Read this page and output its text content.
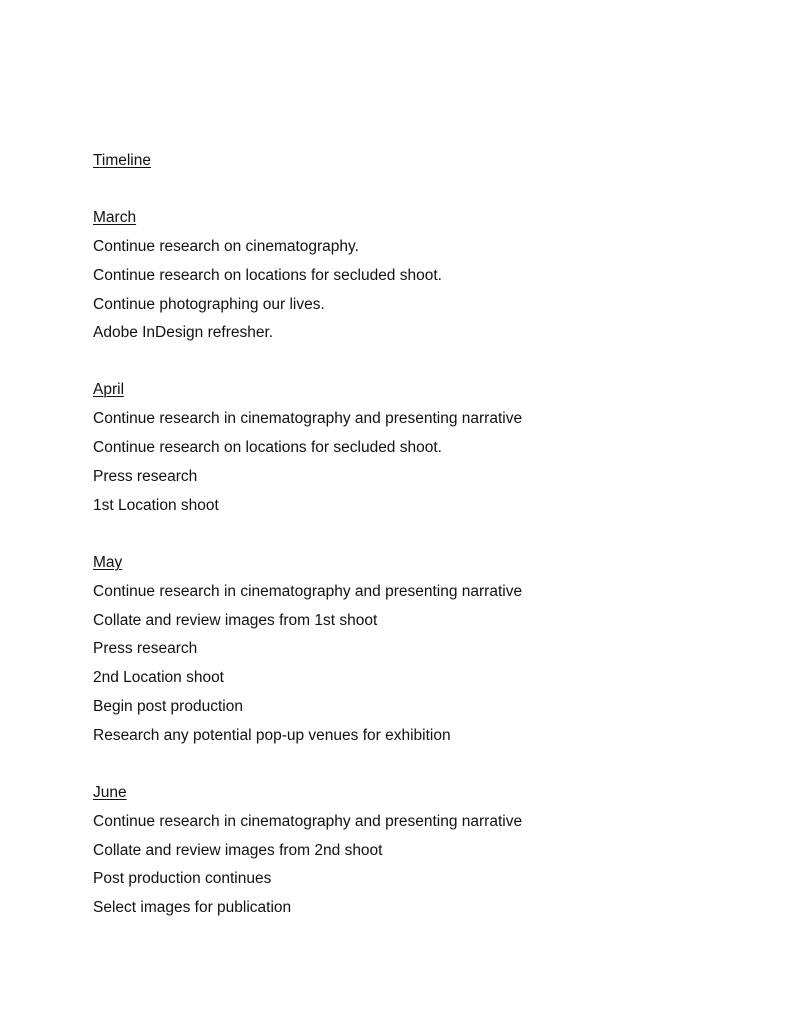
Timeline
March
Continue research on cinematography.
Continue research on locations for secluded shoot.
Continue photographing our lives.
Adobe InDesign refresher.
April
Continue research in cinematography and presenting narrative
Continue research on locations for secluded shoot.
Press research
1st Location shoot
May
Continue research in cinematography and presenting narrative
Collate and review images from 1st shoot
Press research
2nd Location shoot
Begin post production
Research any potential pop-up venues for exhibition
June
Continue research in cinematography and presenting narrative
Collate and review images from 2nd shoot
Post production continues
Select images for publication
